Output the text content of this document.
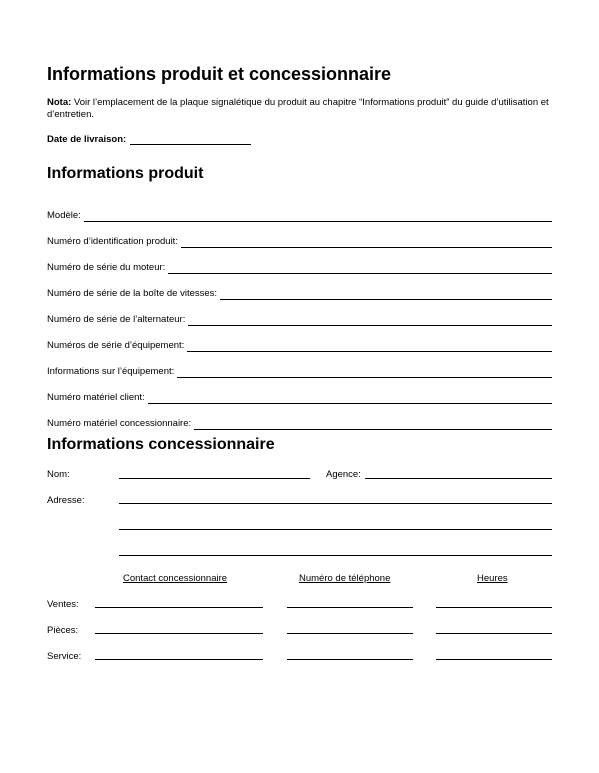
Informations produit et concessionnaire
Nota: Voir l’emplacement de la plaque signalétique du produit au chapitre “Informations produit” du guide d’utilisation et d’entretien.
Date de livraison:
Informations produit
Modèle:
Numéro d’identification produit:
Numéro de série du moteur:
Numéro de série de la boîte de vitesses:
Numéro de série de l’alternateur:
Numéros de série d’équipement:
Informations sur l’équipement:
Numéro matériel client:
Numéro matériel concessionnaire:
Informations concessionnaire
Nom:	Agence:
Adresse:
Contact concessionnaire	Numéro de téléphone	Heures
Ventes:
Pièces:
Service:
